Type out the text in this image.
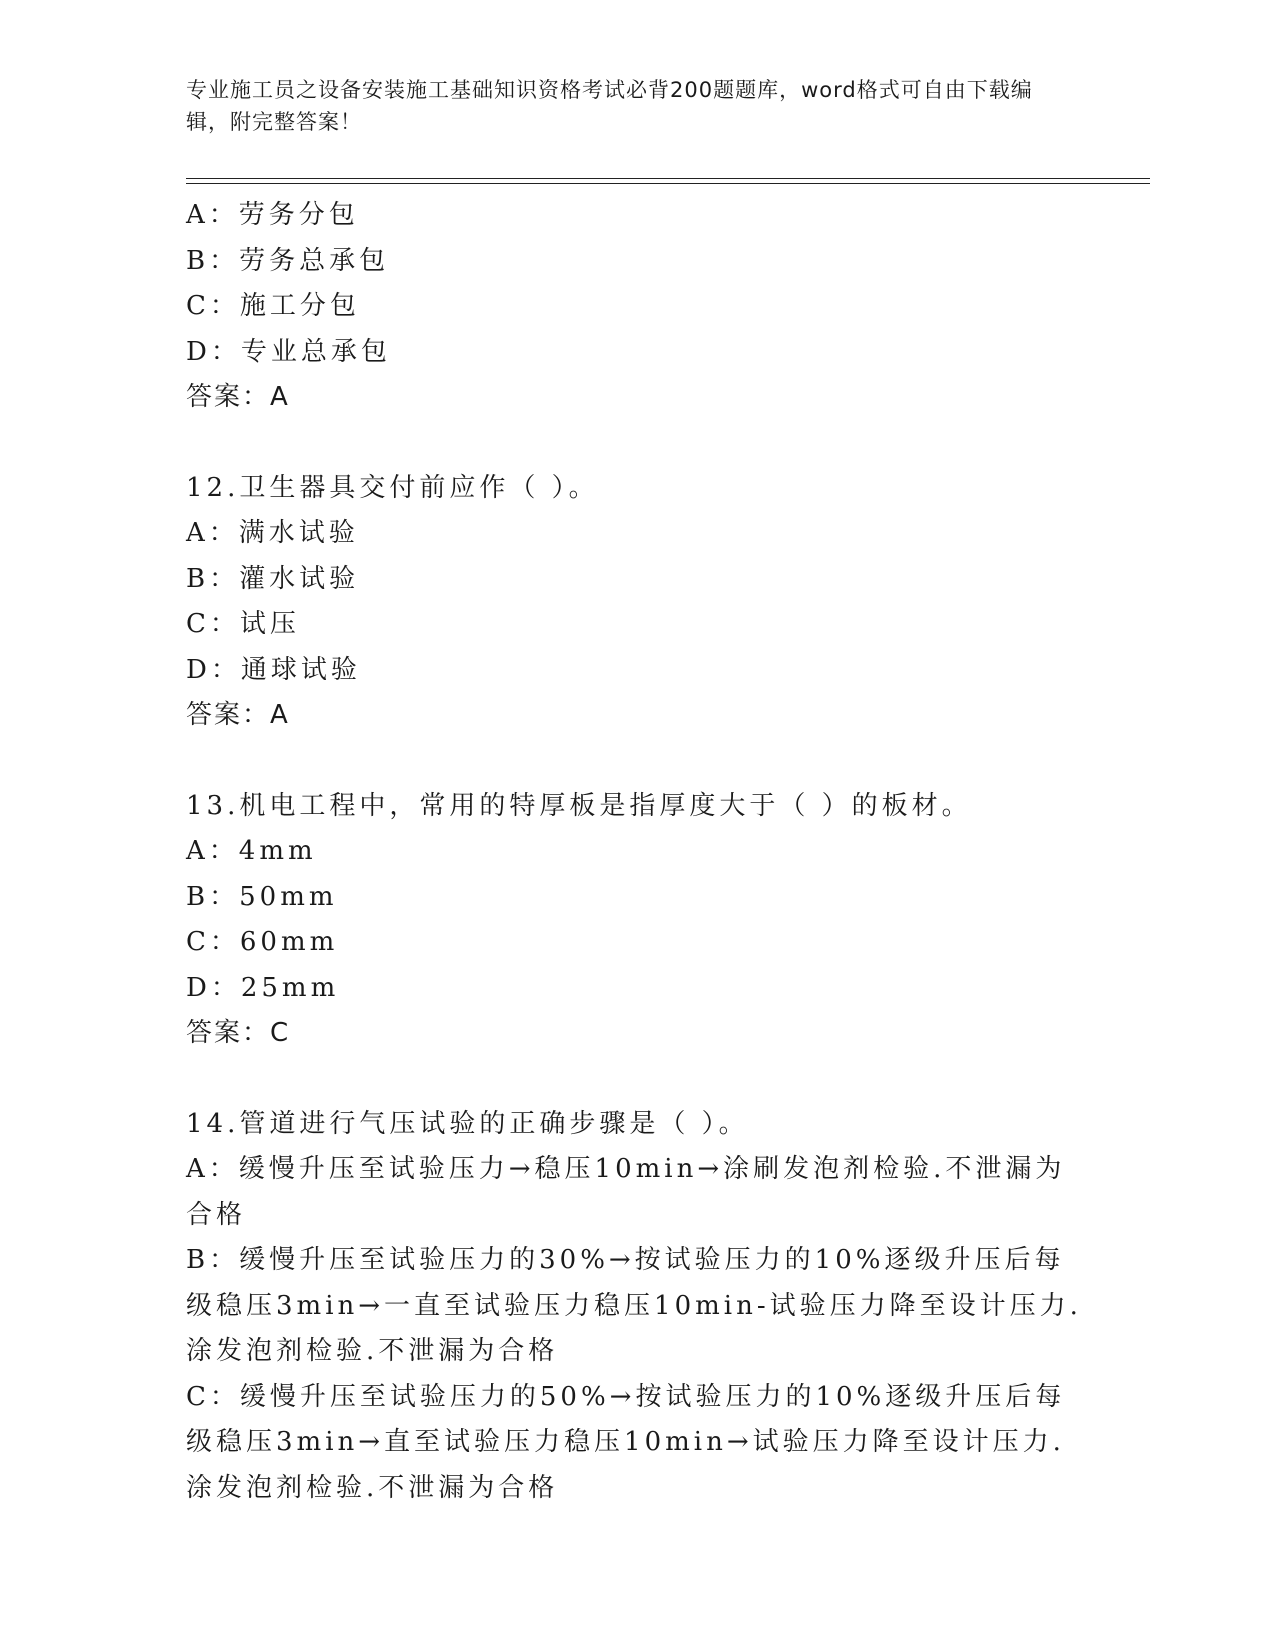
专业施工员之设备安装施工基础知识资格考试必背200题题库，word格式可自由下载编辑，附完整答案！
A：劳务分包
B：劳务总承包
C：施工分包
D：专业总承包
答案：A
12.卫生器具交付前应作（ ）。
A：满水试验
B：灌水试验
C：试压
D：通球试验
答案：A
13.机电工程中，常用的特厚板是指厚度大于（ ）的板材。
A：4mm
B：50mm
C：60mm
D：25mm
答案：C
14.管道进行气压试验的正确步骤是（ ）。
A：缓慢升压至试验压力→稳压10min→涂刷发泡剂检验.不泄漏为合格
B：缓慢升压至试验压力的30%→按试验压力的10%逐级升压后每级稳压3min→一直至试验压力稳压10min-试验压力降至设计压力.涂发泡剂检验.不泄漏为合格
C：缓慢升压至试验压力的50%→按试验压力的10%逐级升压后每级稳压3min→直至试验压力稳压10min→试验压力降至设计压力.涂发泡剂检验.不泄漏为合格
